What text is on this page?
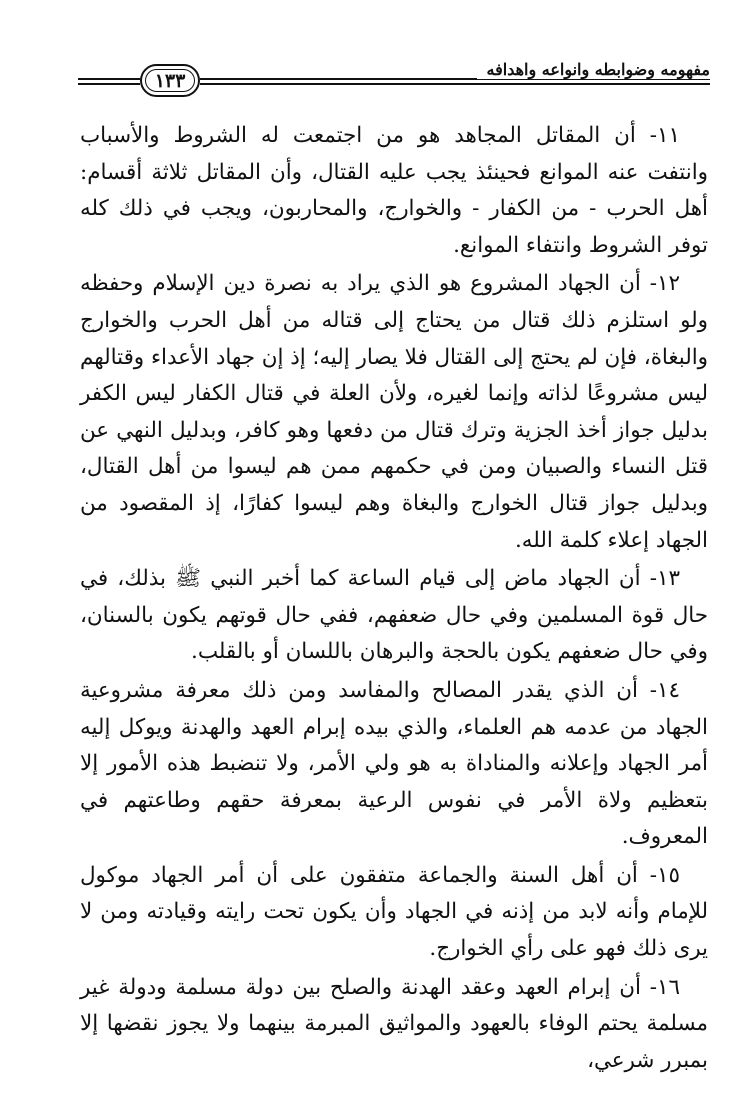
١٣٣	مفهومه وضوابطه وانواعه واهدافه

١١- أن المقاتل المجاهد هو من اجتمعت له الشروط والأسباب وانتفت عنه الموانع فحينئذ يجب عليه القتال، وأن المقاتل ثلاثة أقسام: أهل الحرب - من الكفار - والخوارج، والمحاربون، ويجب في ذلك كله توفر الشروط وانتفاء الموانع.

١٢- أن الجهاد المشروع هو الذي يراد به نصرة دين الإسلام وحفظه ولو استلزم ذلك قتال من يحتاج إلى قتاله من أهل الحرب والخوارج والبغاة، فإن لم يحتج إلى القتال فلا يصار إليه؛ إذ إن جهاد الأعداء وقتالهم ليس مشروعًا لذاته وإنما لغيره، ولأن العلة في قتال الكفار ليس الكفر بدليل جواز أخذ الجزية وترك قتال من دفعها وهو كافر، وبدليل النهي عن قتل النساء والصبيان ومن في حكمهم ممن هم ليسوا من أهل القتال، وبدليل جواز قتال الخوارج والبغاة وهم ليسوا كفارًا، إذ المقصود من الجهاد إعلاء كلمة الله.

١٣- أن الجهاد ماض إلى قيام الساعة كما أخبر النبي ﷺ بذلك، في حال قوة المسلمين وفي حال ضعفهم، ففي حال قوتهم يكون بالسنان، وفي حال ضعفهم يكون بالحجة والبرهان باللسان أو بالقلب.

١٤- أن الذي يقدر المصالح والمفاسد ومن ذلك معرفة مشروعية الجهاد من عدمه هم العلماء، والذي بيده إبرام العهد والهدنة ويوكل إليه أمر الجهاد وإعلانه والمناداة به هو ولي الأمر، ولا تنضبط هذه الأمور إلا بتعظيم ولاة الأمر في نفوس الرعية بمعرفة حقهم وطاعتهم في المعروف.

١٥- أن أهل السنة والجماعة متفقون على أن أمر الجهاد موكول للإمام وأنه لابد من إذنه في الجهاد وأن يكون تحت رايته وقيادته ومن لا يرى ذلك فهو على رأي الخوارج.

١٦- أن إبرام العهد وعقد الهدنة والصلح بين دولة مسلمة ودولة غير مسلمة يحتم الوفاء بالعهود والمواثيق المبرمة بينهما ولا يجوز نقضها إلا بمبرر شرعي،
